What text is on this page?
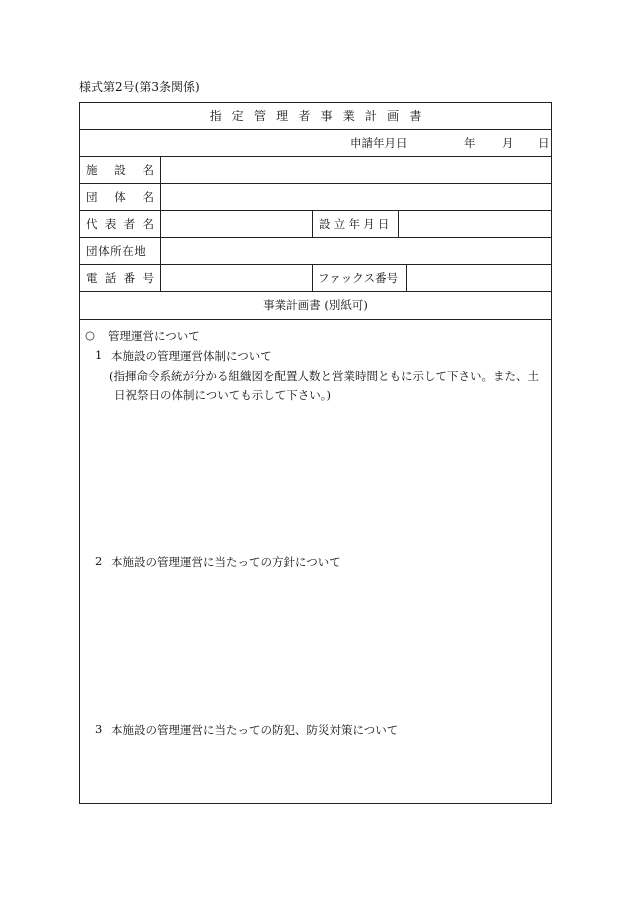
様式第2号(第3条関係)
指定管理者事業計画書
申請年月日	年 月 日
施 設 名
団 体 名
代 表 者 名	設立年月日
団体所在地
電 話 番 号	ファックス番号
事業計画書 (別紙可)
○ 管理運営について
1 本施設の管理運営体制について
(指揮命令系統が分かる組織図を配置人数と営業時間ともに示して下さい。また、土
日祝祭日の体制についても示して下さい。)
2 本施設の管理運営に当たっての方針について
3 本施設の管理運営に当たっての防犯、防災対策について
